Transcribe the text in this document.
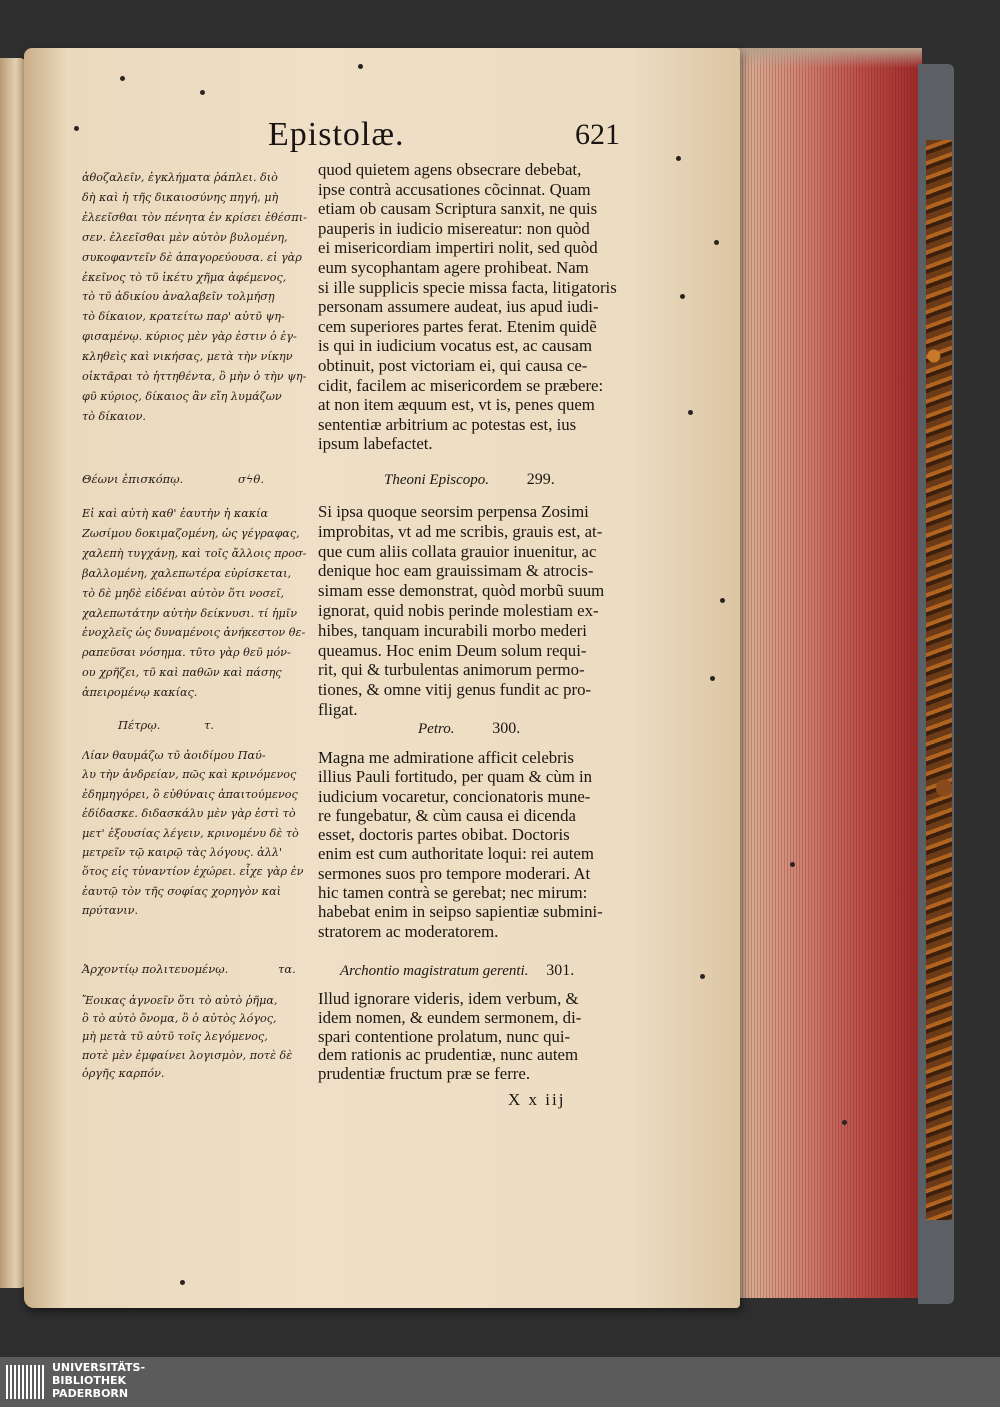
Epistolæ.	621
ἀθοζαλεῖν, ἐγκλήματα ῥάπλει. διὸ
δὴ καὶ ἡ τῆς δικαιοσύνης πηγή, μὴ
ἐλεεῖσθαι τὸν πένητα ἐν κρίσει ἐθέσπι-
σεν. ἐλεεῖσθαι μὲν αὐτὸν βυλομένη,
συκοφαντεῖν δὲ ἀπαγορεύουσα. εἰ γὰρ
ἐκεῖνος τὸ τῦ ἱκέτυ χῆμα ἀφέμενος,
τὸ τῦ ἀδικίου ἀναλαβεῖν τολμήσῃ
τὸ δίκαιον, κρατείτω παρ' αὐτῦ ψη-
φισαμένῳ. κύριος μὲν γὰρ ἐστιν ὁ ἐγ-
κληθεὶς καὶ νικήσας, μετὰ τὴν νίκην
οἰκτᾶραι τὸ ἡττηθέντα, ὃ μὴν ὁ τὴν ψη-
φῦ κύριος, δίκαιος ἂν εἴη λυμάζων
τὸ δίκαιον.
quod quietem agens obsecrare debebat,
ipse contrà accusationes cõcinnat. Quam
etiam ob causam Scriptura sanxit, ne quis
pauperis in iudicio misereatur: non quòd
ei misericordiam impertiri nolit, sed quòd
eum sycophantam agere prohibeat. Nam
si ille supplicis specie missa facta, litigatoris
personam assumere audeat, ius apud iudi-
cem superiores partes ferat. Etenim quidẽ
is qui in iudicium vocatus est, ac causam
obtinuit, post victoriam ei, qui causa ce-
cidit, facilem ac misericordem se præbere:
at non item æquum est, vt is, penes quem
sententiæ arbitrium ac potestas est, ius
ipsum labefactet.
Θέωνι ἐπισκόπῳ.	σϟθ.	Theoni Episcopo. 299.
Εἰ καὶ αὐτὴ καθ' ἑαυτὴν ἡ κακία
Ζωσίμου δοκιμαζομένη, ὡς γέγραφας,
χαλεπὴ τυγχάνῃ, καὶ τοῖς ἄλλοις προσ-
βαλλομένη, χαλεπωτέρα εὑρίσκεται,
τὸ δὲ μηδὲ εἰδέναι αὐτὸν ὅτι νοσεῖ,
χαλεπωτάτην αὐτὴν δείκνυσι. τί ἡμῖν
ἐνοχλεῖς ὡς δυναμένοις ἀνήκεστον θε-
ραπεῦσαι νόσημα. τῦτο γὰρ θεῦ μόν-
ου χρῆζει, τῦ καὶ παθῶν καὶ πάσης
ἀπειρομένῳ κακίας.
Si ipsa quoque seorsim perpensa Zosimi
improbitas, vt ad me scribis, grauis est, at-
que cum aliis collata grauior inuenitur, ac
denique hoc eam grauissimam & atrocis-
simam esse demonstrat, quòd morbũ suum
ignorat, quid nobis perinde molestiam ex-
hibes, tanquam incurabili morbo mederi
queamus. Hoc enim Deum solum requi-
rit, qui & turbulentas animorum permo-
tiones, & omne vitij genus fundit ac pro-
fligat.
Πέτρῳ.	τ.	Petro. 300.
Λίαν θαυμάζω τῦ ἀοιδίμου Παύ-
λυ τὴν ἀνδρείαν, πῶς καὶ κρινόμενος
ἐδημηγόρει, ὃ εὐθύναις ἀπαιτούμενος
ἐδίδασκε. διδασκάλυ μὲν γὰρ ἐστὶ τὸ
μετ' ἐξουσίας λέγειν, κρινομένυ δὲ τὸ
μετρεῖν τῷ καιρῷ τὰς λόγους. ἀλλ'
ὅτος εἰς τὐναντίον ἐχώρει. εἶχε γὰρ ἐν
ἑαυτῷ τὸν τῆς σοφίας χορηγὸν καὶ
πρύτανιν.
Magna me admiratione afficit celebris
illius Pauli fortitudo, per quam & cùm in
iudicium vocaretur, concionatoris mune-
re fungebatur, & cùm causa ei dicenda
esset, doctoris partes obibat. Doctoris
enim est cum authoritate loqui: rei autem
sermones suos pro tempore moderari. At
hic tamen contrà se gerebat; nec mirum:
habebat enim in seipso sapientiæ submini-
stratorem ac moderatorem.
Ἀρχοντίῳ πολιτευομένῳ.	τα.	Archontio magistratum gerenti. 301.
Ἔοικας ἀγνοεῖν ὅτι τὸ αὐτὸ ῥῆμα,
ὃ τὸ αὐτὸ ὄνομα, ὃ ὁ αὐτὸς λόγος,
μὴ μετὰ τῦ αὐτῦ τοῖς λεγόμενος,
ποτὲ μὲν ἐμφαίνει λογισμὸν, ποτὲ δὲ
ὀργῆς καρπόν.
Illud ignorare videris, idem verbum, &
idem nomen, & eundem sermonem, di-
spari contentione prolatum, nunc qui-
dem rationis ac prudentiæ, nunc autem
prudentiæ fructum præ se ferre.
X x iij
UNIVERSITÄTS-
BIBLIOTHEK
PADERBORN
